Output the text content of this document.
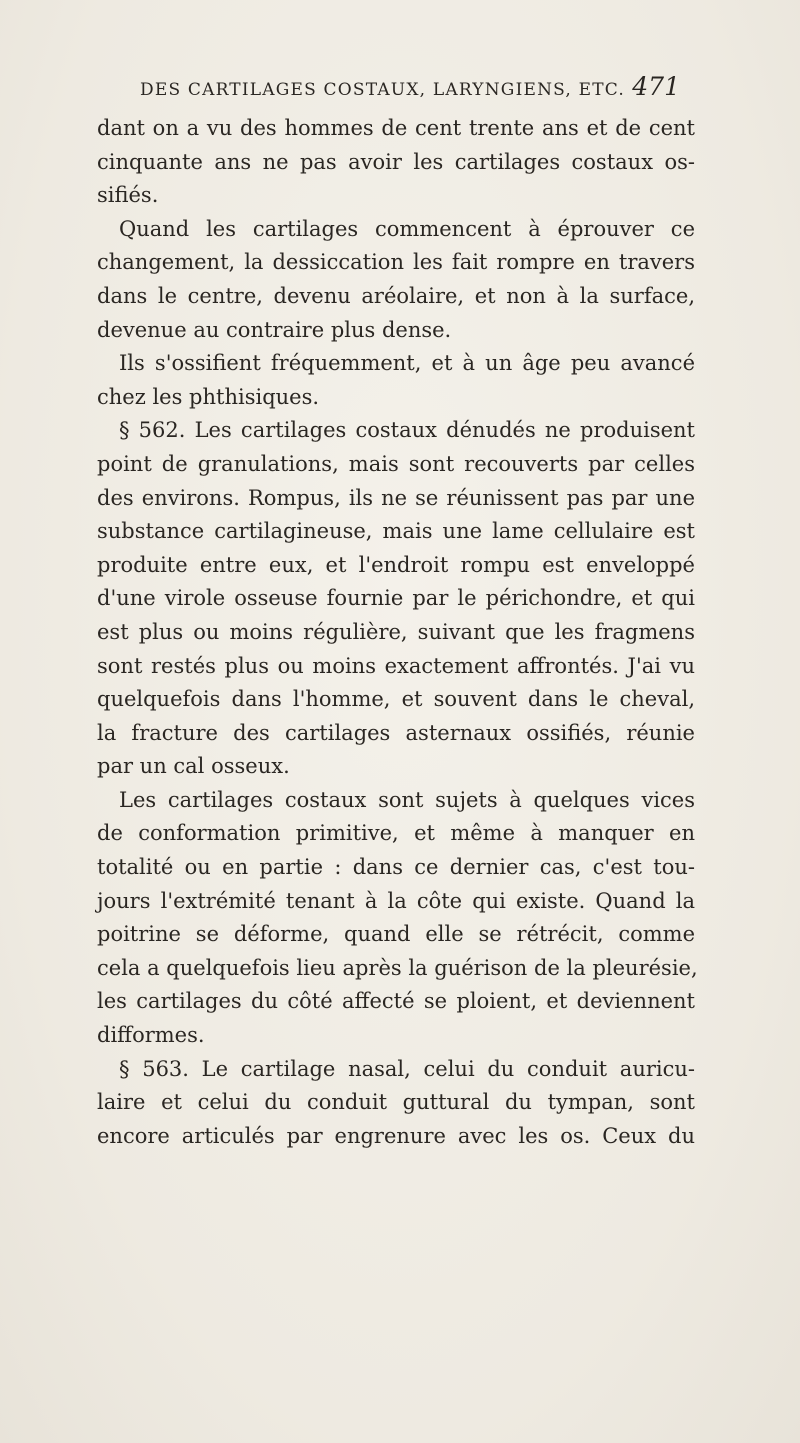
DES CARTILAGES COSTAUX, LARYNGIENS, ETC. 471
dant on a vu des hommes de cent trente ans et de cent
cinquante ans ne pas avoir les cartilages costaux os-
sifiés.
Quand les cartilages commencent à éprouver ce
changement, la dessiccation les fait rompre en travers
dans le centre, devenu aréolaire, et non à la surface,
devenue au contraire plus dense.
Ils s'ossifient fréquemment, et à un âge peu avancé
chez les phthisiques.
§ 562. Les cartilages costaux dénudés ne produisent
point de granulations, mais sont recouverts par celles
des environs. Rompus, ils ne se réunissent pas par une
substance cartilagineuse, mais une lame cellulaire est
produite entre eux, et l'endroit rompu est enveloppé
d'une virole osseuse fournie par le périchondre, et qui
est plus ou moins régulière, suivant que les fragmens
sont restés plus ou moins exactement affrontés. J'ai vu
quelquefois dans l'homme, et souvent dans le cheval,
la fracture des cartilages asternaux ossifiés, réunie
par un cal osseux.
Les cartilages costaux sont sujets à quelques vices
de conformation primitive, et même à manquer en
totalité ou en partie : dans ce dernier cas, c'est tou-
jours l'extrémité tenant à la côte qui existe. Quand la
poitrine se déforme, quand elle se rétrécit, comme
cela a quelquefois lieu après la guérison de la pleurésie,
les cartilages du côté affecté se ploient, et deviennent
difformes.
§ 563. Le cartilage nasal, celui du conduit auricu-
laire et celui du conduit guttural du tympan, sont
encore articulés par engrenure avec les os. Ceux du
